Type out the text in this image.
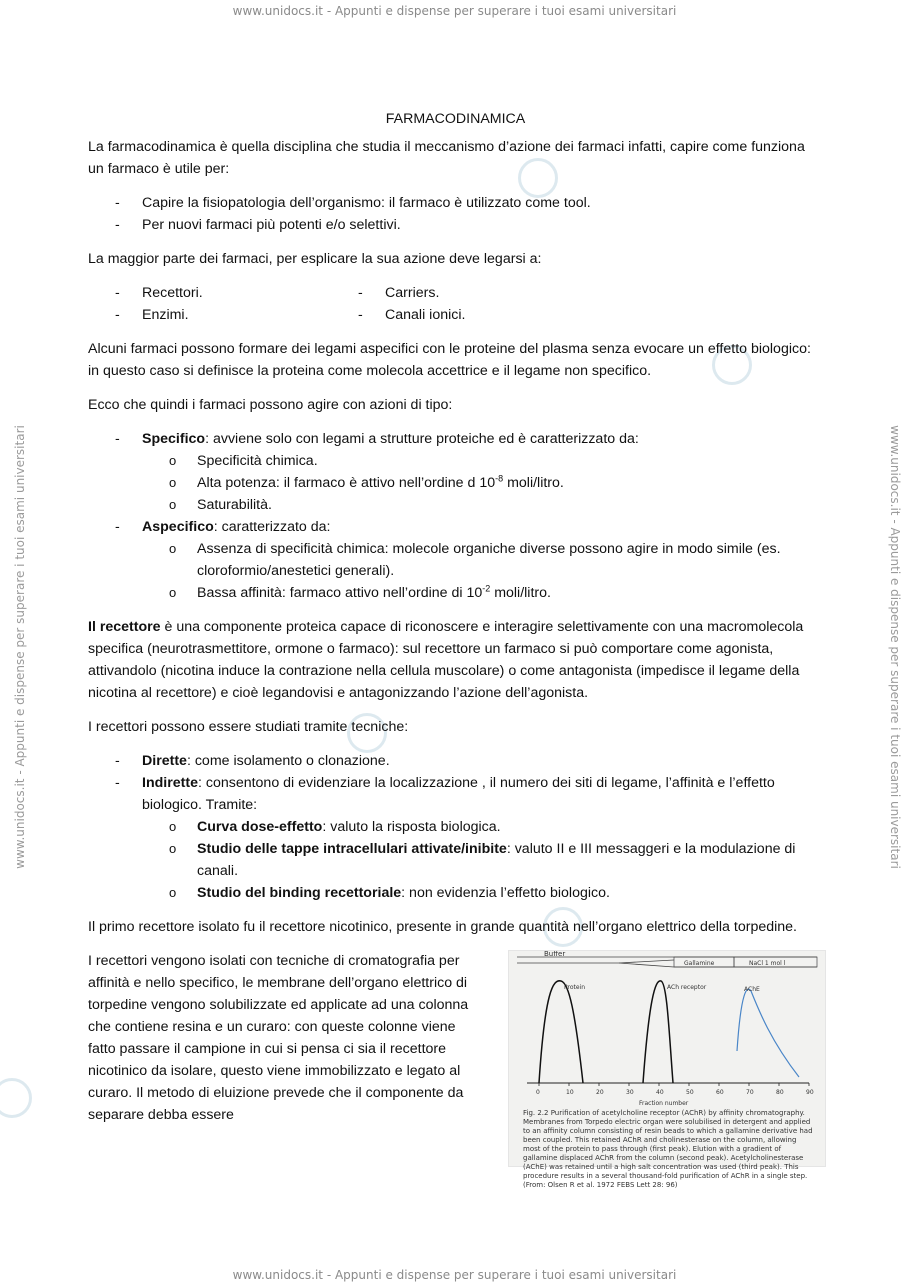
www.unidocs.it - Appunti e dispense per superare i tuoi esami universitari
www.unidocs.it - Appunti e dispense per superare i tuoi esami universitari
www.unidocs.it - Appunti e dispense per superare i tuoi esami universitari	www.unidocs.it - Appunti e dispense per superare i tuoi esami universitari
FARMACODINAMICA

La farmacodinamica è quella disciplina che studia il meccanismo d’azione dei farmaci infatti, capire come funziona un farmaco è utile per:

- Capire la fisiopatologia dell’organismo: il farmaco è utilizzato come tool.
- Per nuovi farmaci più potenti e/o selettivi.

La maggior parte dei farmaci, per esplicare la sua azione deve legarsi a:

- Recettori.
- Enzimi.
- Carriers.
- Canali ionici.

Alcuni farmaci possono formare dei legami aspecifici con le proteine del plasma senza evocare un effetto biologico: in questo caso si definisce la proteina come molecola accettrice e il legame non specifico.

Ecco che quindi i farmaci possono agire con azioni di tipo:

- Specifico: avviene solo con legami a strutture proteiche ed è caratterizzato da:
o Specificità chimica.
o Alta potenza: il farmaco è attivo nell’ordine d $10^{-8}$ moli/litro.
o Saturabilità.
- Aspecifico: caratterizzato da:
o Assenza di specificità chimica: molecole organiche diverse possono agire in modo simile (es. cloroformio/anestetici generali).
o Bassa affinità: farmaco attivo nell’ordine di $10^{-2}$ moli/litro.

Il recettore è una componente proteica capace di riconoscere e interagire selettivamente con una macromolecola specifica (neurotrasmettitore, ormone o farmaco): sul recettore un farmaco si può comportare come agonista, attivandolo (nicotina induce la contrazione nella cellula muscolare) o come antagonista (impedisce il legame della nicotina al recettore) e cioè legandovisi e antagonizzando l’azione dell’agonista.

I recettori possono essere studiati tramite tecniche:

- Dirette: come isolamento o clonazione.
- Indirette: consentono di evidenziare la localizzazione , il numero dei siti di legame, l’affinità e l’effetto biologico. Tramite:
o Curva dose-effetto: valuto la risposta biologica.
o Studio delle tappe intracellulari attivate/inibite: valuto II e III messaggeri e la modulazione di canali.
o Studio del binding recettoriale: non evidenzia l’effetto biologico.

Il primo recettore isolato fu il recettore nicotinico, presente in grande quantità nell’organo elettrico della torpedine.

I recettori vengono isolati con tecniche di cromatografia per affinità e nello specifico, le membrane dell’organo elettrico di torpedine vengono solubilizzate ed applicate ad una colonna che contiene resina e un curaro: con queste colonne viene fatto passare il campione in cui si pensa ci sia il recettore nicotinico da isolare, questo viene immobilizzato e legato al curaro. Il metodo di eluizione prevede che il componente da separare debba essere
Buffer
Gallamine	NaCl 1 mol l
Protein	ACh receptor	AChE
0	10	20	30	40	50	60	70	80	90
Fraction number
Fig. 2.2 Purification of acetylcholine receptor (AChR) by affinity chromatography. Membranes from Torpedo electric organ were solubilised in detergent and applied to an affinity column consisting of resin beads to which a gallamine derivative had been coupled. This retained AChR and cholinesterase on the column, allowing most of the protein to pass through (first peak). Elution with a gradient of gallamine displaced AChR from the column (second peak). Acetylcholinesterase (AChE) was retained until a high salt concentration was used (third peak). This procedure results in a several thousand-fold purification of AChR in a single step. (From: Olsen R et al. 1972 FEBS Lett 28: 96)
